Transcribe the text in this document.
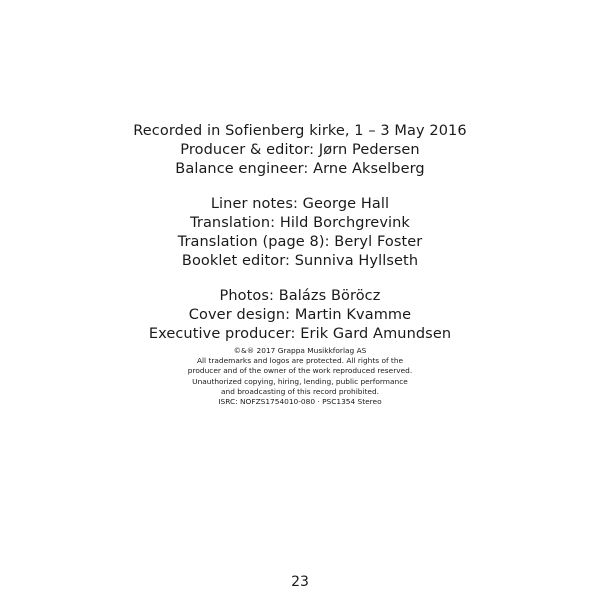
Recorded in Sofienberg kirke, 1 – 3 May 2016
Producer & editor: Jørn Pedersen
Balance engineer: Arne Akselberg
Liner notes: George Hall
Translation: Hild Borchgrevink
Translation (page 8): Beryl Foster
Booklet editor: Sunniva Hyllseth
Photos: Balázs Böröcz
Cover design: Martin Kvamme
Executive producer: Erik Gard Amundsen
©&® 2017 Grappa Musikkforlag AS
All trademarks and logos are protected. All rights of the
producer and of the owner of the work reproduced reserved.
Unauthorized copying, hiring, lending, public performance
and broadcasting of this record prohibited.
ISRC: NOFZS1754010-080 · PSC1354 Stereo
23
